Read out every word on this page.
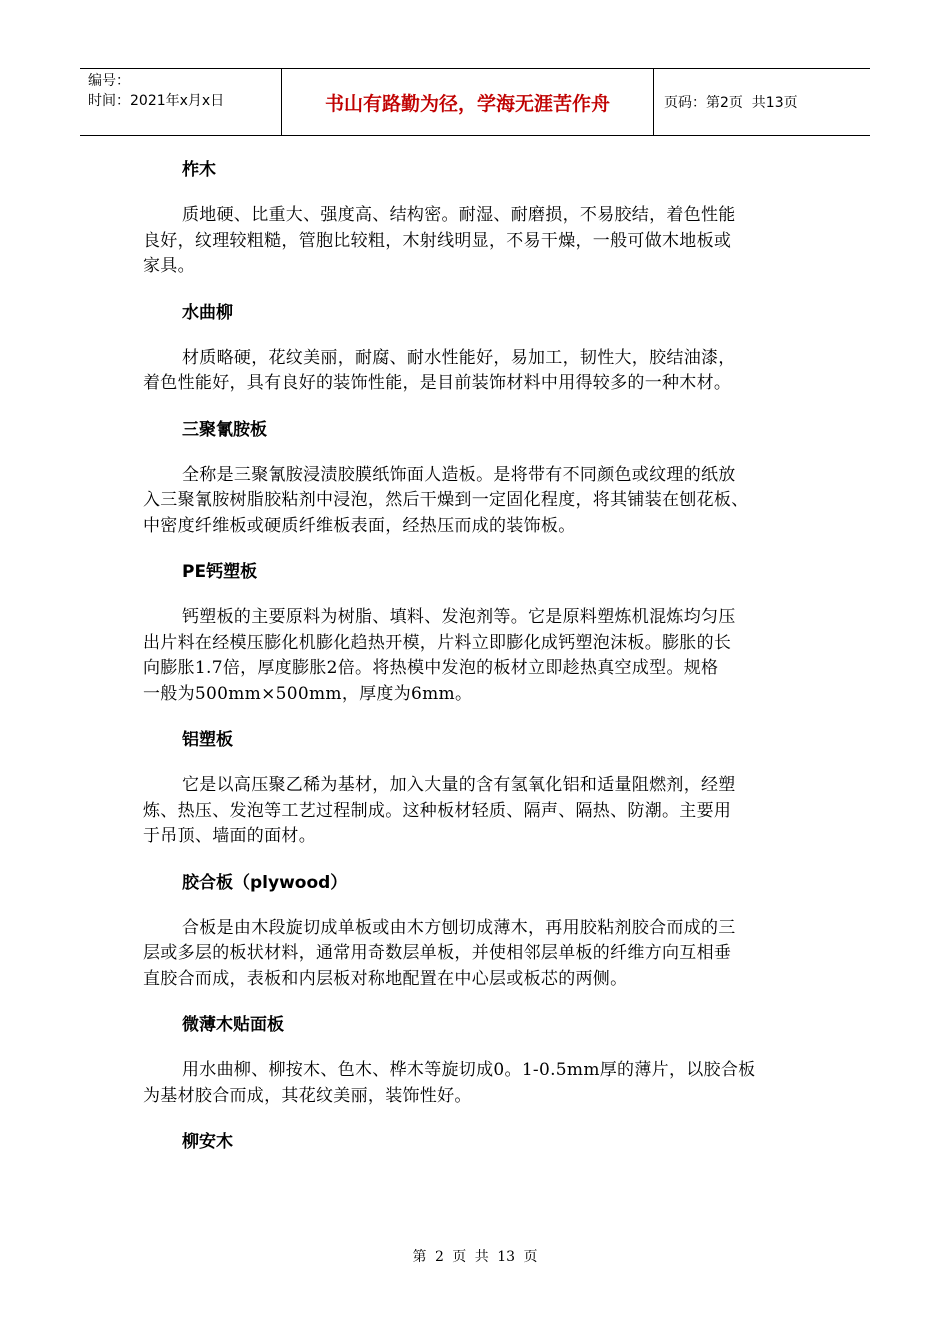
编号：
时间：2021年x月x日	书山有路勤为径，学海无涯苦作舟	页码：第2页  共13页
柞木
质地硬、比重大、强度高、结构密。耐湿、耐磨损，不易胶结，着色性能
良好，纹理较粗糙，管胞比较粗，木射线明显，不易干燥，一般可做木地板或
家具。
水曲柳
材质略硬，花纹美丽，耐腐、耐水性能好，易加工，韧性大，胶结油漆，
着色性能好，具有良好的装饰性能，是目前装饰材料中用得较多的一种木材。
三聚氰胺板
全称是三聚氰胺浸渍胶膜纸饰面人造板。是将带有不同颜色或纹理的纸放
入三聚氰胺树脂胶粘剂中浸泡，然后干燥到一定固化程度，将其铺装在刨花板、
中密度纤维板或硬质纤维板表面，经热压而成的装饰板。
PE钙塑板
钙塑板的主要原料为树脂、填料、发泡剂等。它是原料塑炼机混炼均匀压
出片料在经模压膨化机膨化趋热开模，片料立即膨化成钙塑泡沫板。膨胀的长
向膨胀1.7倍，厚度膨胀2倍。将热模中发泡的板材立即趁热真空成型。规格
一般为500mm×500mm，厚度为6mm。
铝塑板
它是以高压聚乙稀为基材，加入大量的含有氢氧化铝和适量阻燃剂，经塑
炼、热压、发泡等工艺过程制成。这种板材轻质、隔声、隔热、防潮。主要用
于吊顶、墙面的面材。
胶合板（plywood）
合板是由木段旋切成单板或由木方刨切成薄木，再用胶粘剂胶合而成的三
层或多层的板状材料，通常用奇数层单板，并使相邻层单板的纤维方向互相垂
直胶合而成，表板和内层板对称地配置在中心层或板芯的两侧。
微薄木贴面板
用水曲柳、柳按木、色木、桦木等旋切成0。1-0.5mm厚的薄片，以胶合板
为基材胶合而成，其花纹美丽，装饰性好。
柳安木
第 2 页 共 13 页
